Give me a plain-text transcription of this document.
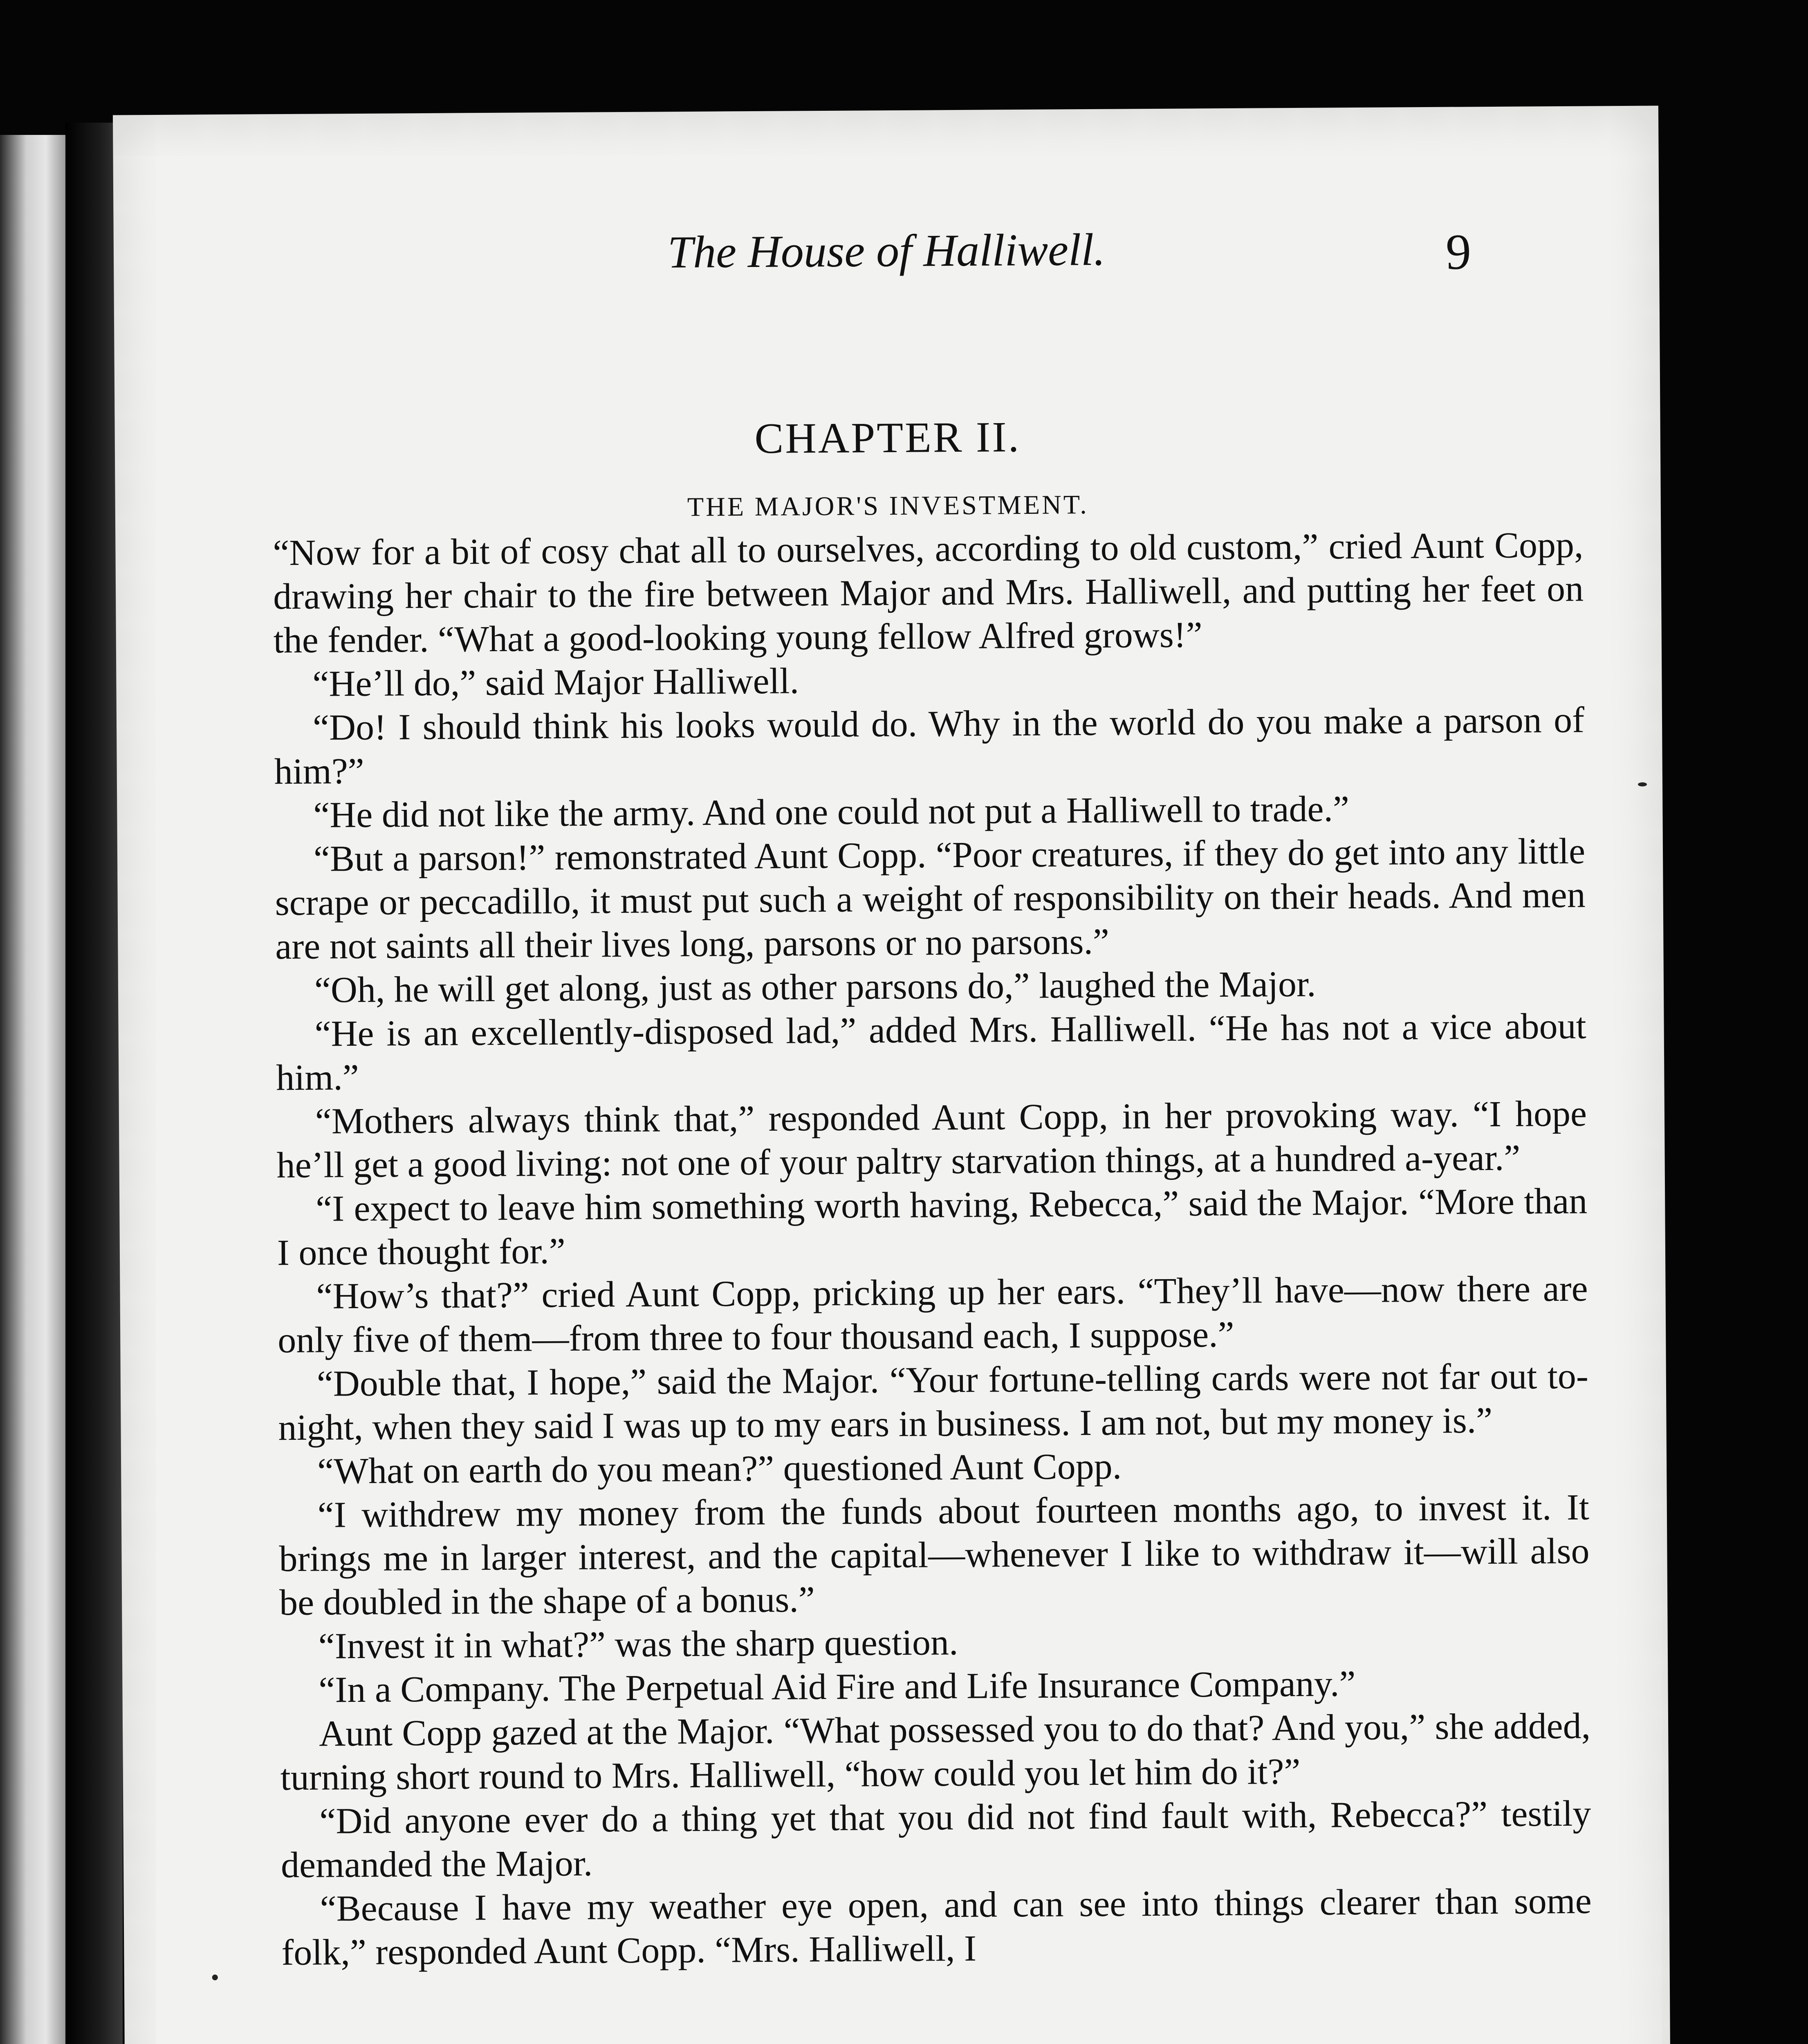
The House of Halliwell.	9
CHAPTER II.
THE MAJOR'S INVESTMENT.

“Now for a bit of cosy chat all to ourselves, according to old custom,” cried Aunt Copp, drawing her chair to the fire between Major and Mrs. Halliwell, and putting her feet on the fender. “What a good-looking young fellow Alfred grows!”

“He’ll do,” said Major Halliwell.

“Do! I should think his looks would do. Why in the world do you make a parson of him?”

“He did not like the army. And one could not put a Halliwell to trade.”

“But a parson!” remonstrated Aunt Copp. “Poor creatures, if they do get into any little scrape or peccadillo, it must put such a weight of responsibility on their heads. And men are not saints all their lives long, parsons or no parsons.”

“Oh, he will get along, just as other parsons do,” laughed the Major.

“He is an excellently-disposed lad,” added Mrs. Halliwell. “He has not a vice about him.”

“Mothers always think that,” responded Aunt Copp, in her provoking way. “I hope he’ll get a good living: not one of your paltry starvation things, at a hundred a-year.”

“I expect to leave him something worth having, Rebecca,” said the Major. “More than I once thought for.”

“How’s that?” cried Aunt Copp, pricking up her ears. “They’ll have—now there are only five of them—from three to four thousand each, I suppose.”

“Double that, I hope,” said the Major. “Your fortune-telling cards were not far out to-night, when they said I was up to my ears in business. I am not, but my money is.”

“What on earth do you mean?” questioned Aunt Copp.

“I withdrew my money from the funds about fourteen months ago, to invest it. It brings me in larger interest, and the capital—whenever I like to withdraw it—will also be doubled in the shape of a bonus.”

“Invest it in what?” was the sharp question.

“In a Company. The Perpetual Aid Fire and Life Insurance Company.”

Aunt Copp gazed at the Major. “What possessed you to do that? And you,” she added, turning short round to Mrs. Halliwell, “how could you let him do it?”

“Did anyone ever do a thing yet that you did not find fault with, Rebecca?” testily demanded the Major.

“Because I have my weather eye open, and can see into things clearer than some folk,” responded Aunt Copp. “Mrs. Halliwell, I
